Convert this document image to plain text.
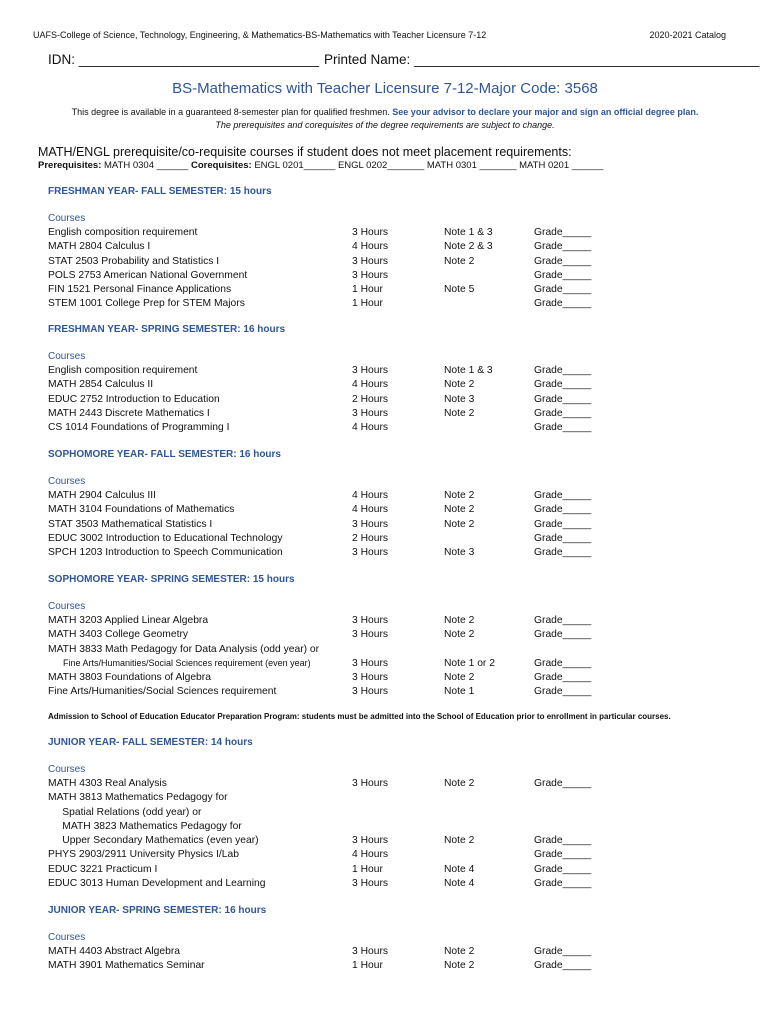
UAFS-College of Science, Technology, Engineering, & Mathematics-BS-Mathematics with Teacher Licensure 7-12	2020-2021 Catalog
IDN: ________________________________ Printed Name: ______________________________________________
BS-Mathematics with Teacher Licensure 7-12-Major Code: 3568
This degree is available in a guaranteed 8-semester plan for qualified freshmen. See your advisor to declare your major and sign an official degree plan.
The prerequisites and corequisites of the degree requirements are subject to change.
MATH/ENGL prerequisite/co-requisite courses if student does not meet placement requirements:
Prerequisites: MATH 0304 ______ Corequisites: ENGL 0201______ ENGL 0202_______ MATH 0301 _______ MATH 0201 ______
FRESHMAN YEAR- FALL SEMESTER: 15 hours
Courses
English composition requirement	3 Hours	Note 1 & 3	Grade_____
MATH 2804 Calculus I	4 Hours	Note 2 & 3	Grade_____
STAT 2503 Probability and Statistics I	3 Hours	Note 2	Grade_____
POLS 2753 American National Government	3 Hours	Grade_____
FIN 1521 Personal Finance Applications	1 Hour	Note 5	Grade_____
STEM 1001 College Prep for STEM Majors	1 Hour	Grade_____
FRESHMAN YEAR- SPRING SEMESTER: 16 hours
Courses
English composition requirement	3 Hours	Note 1 & 3	Grade_____
MATH 2854 Calculus II	4 Hours	Note 2	Grade_____
EDUC 2752 Introduction to Education	2 Hours	Note 3	Grade_____
MATH 2443 Discrete Mathematics I	3 Hours	Note 2	Grade_____
CS 1014 Foundations of Programming I	4 Hours	Grade_____
SOPHOMORE YEAR- FALL SEMESTER: 16 hours
Courses
MATH 2904 Calculus III	4 Hours	Note 2	Grade_____
MATH 3104 Foundations of Mathematics	4 Hours	Note 2	Grade_____
STAT 3503 Mathematical Statistics I	3 Hours	Note 2	Grade_____
EDUC 3002 Introduction to Educational Technology	2 Hours	Grade_____
SPCH 1203 Introduction to Speech Communication	3 Hours	Note 3	Grade_____
SOPHOMORE YEAR- SPRING SEMESTER: 15 hours
Courses
MATH 3203 Applied Linear Algebra	3 Hours	Note 2	Grade_____
MATH 3403 College Geometry	3 Hours	Note 2	Grade_____
MATH 3833 Math Pedagogy for Data Analysis (odd year) or
Fine Arts/Humanities/Social Sciences requirement (even year)	3 Hours	Note 1 or 2	Grade_____
MATH 3803 Foundations of Algebra	3 Hours	Note 2	Grade_____
Fine Arts/Humanities/Social Sciences requirement	3 Hours	Note 1	Grade_____
JUNIOR YEAR- FALL SEMESTER: 14 hours
Courses
MATH 4303 Real Analysis	3 Hours	Note 2	Grade_____
MATH 3813 Mathematics Pedagogy for
Spatial Relations (odd year) or
MATH 3823 Mathematics Pedagogy for
Upper Secondary Mathematics (even year)	3 Hours	Note 2	Grade_____
PHYS 2903/2911 University Physics I/Lab	4 Hours	Grade_____
EDUC 3221 Practicum I	1 Hour	Note 4	Grade_____
EDUC 3013 Human Development and Learning	3 Hours	Note 4	Grade_____
JUNIOR YEAR- SPRING SEMESTER: 16 hours
Courses
MATH 4403 Abstract Algebra	3 Hours	Note 2	Grade_____
MATH 3901 Mathematics Seminar	1 Hour	Note 2	Grade_____
Admission to School of Education Educator Preparation Program: students must be admitted into the School of Education prior to enrollment in particular courses.
